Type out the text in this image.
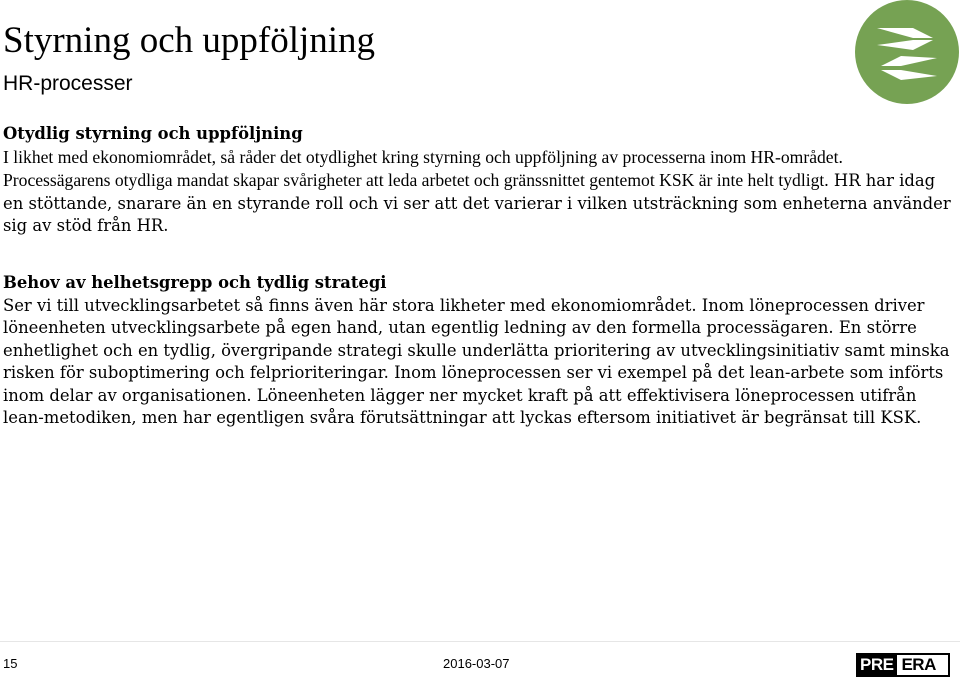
Styrning och uppföljning
HR-processer

Otydlig styrning och uppföljning

I likhet med ekonomiområdet, så råder det otydlighet kring styrning och uppföljning av processerna inom HR-området. Processägarens otydliga mandat skapar svårigheter att leda arbetet och gränssnittet gentemot KSK är inte helt tydligt. HR har idag en stöttande, snarare än en styrande roll och vi ser att det varierar i vilken utsträckning som enheterna använder sig av stöd från HR.

Behov av helhetsgrepp och tydlig strategi

Ser vi till utvecklingsarbetet så finns även här stora likheter med ekonomiområdet. Inom löneprocessen driver löneenheten utvecklingsarbete på egen hand, utan egentlig ledning av den formella processägaren. En större enhetlighet och en tydlig, övergripande strategi skulle underlätta prioritering av utvecklingsinitiativ samt minska risken för suboptimering och felprioriteringar. Inom löneprocessen ser vi exempel på det lean-arbete som införts inom delar av organisationen. Löneenheten lägger ner mycket kraft på att effektivisera löneprocessen utifrån lean-metodiken, men har egentligen svåra förutsättningar att lyckas eftersom initiativet är begränsat till KSK.

15	2016-03-07	PRE ERA
